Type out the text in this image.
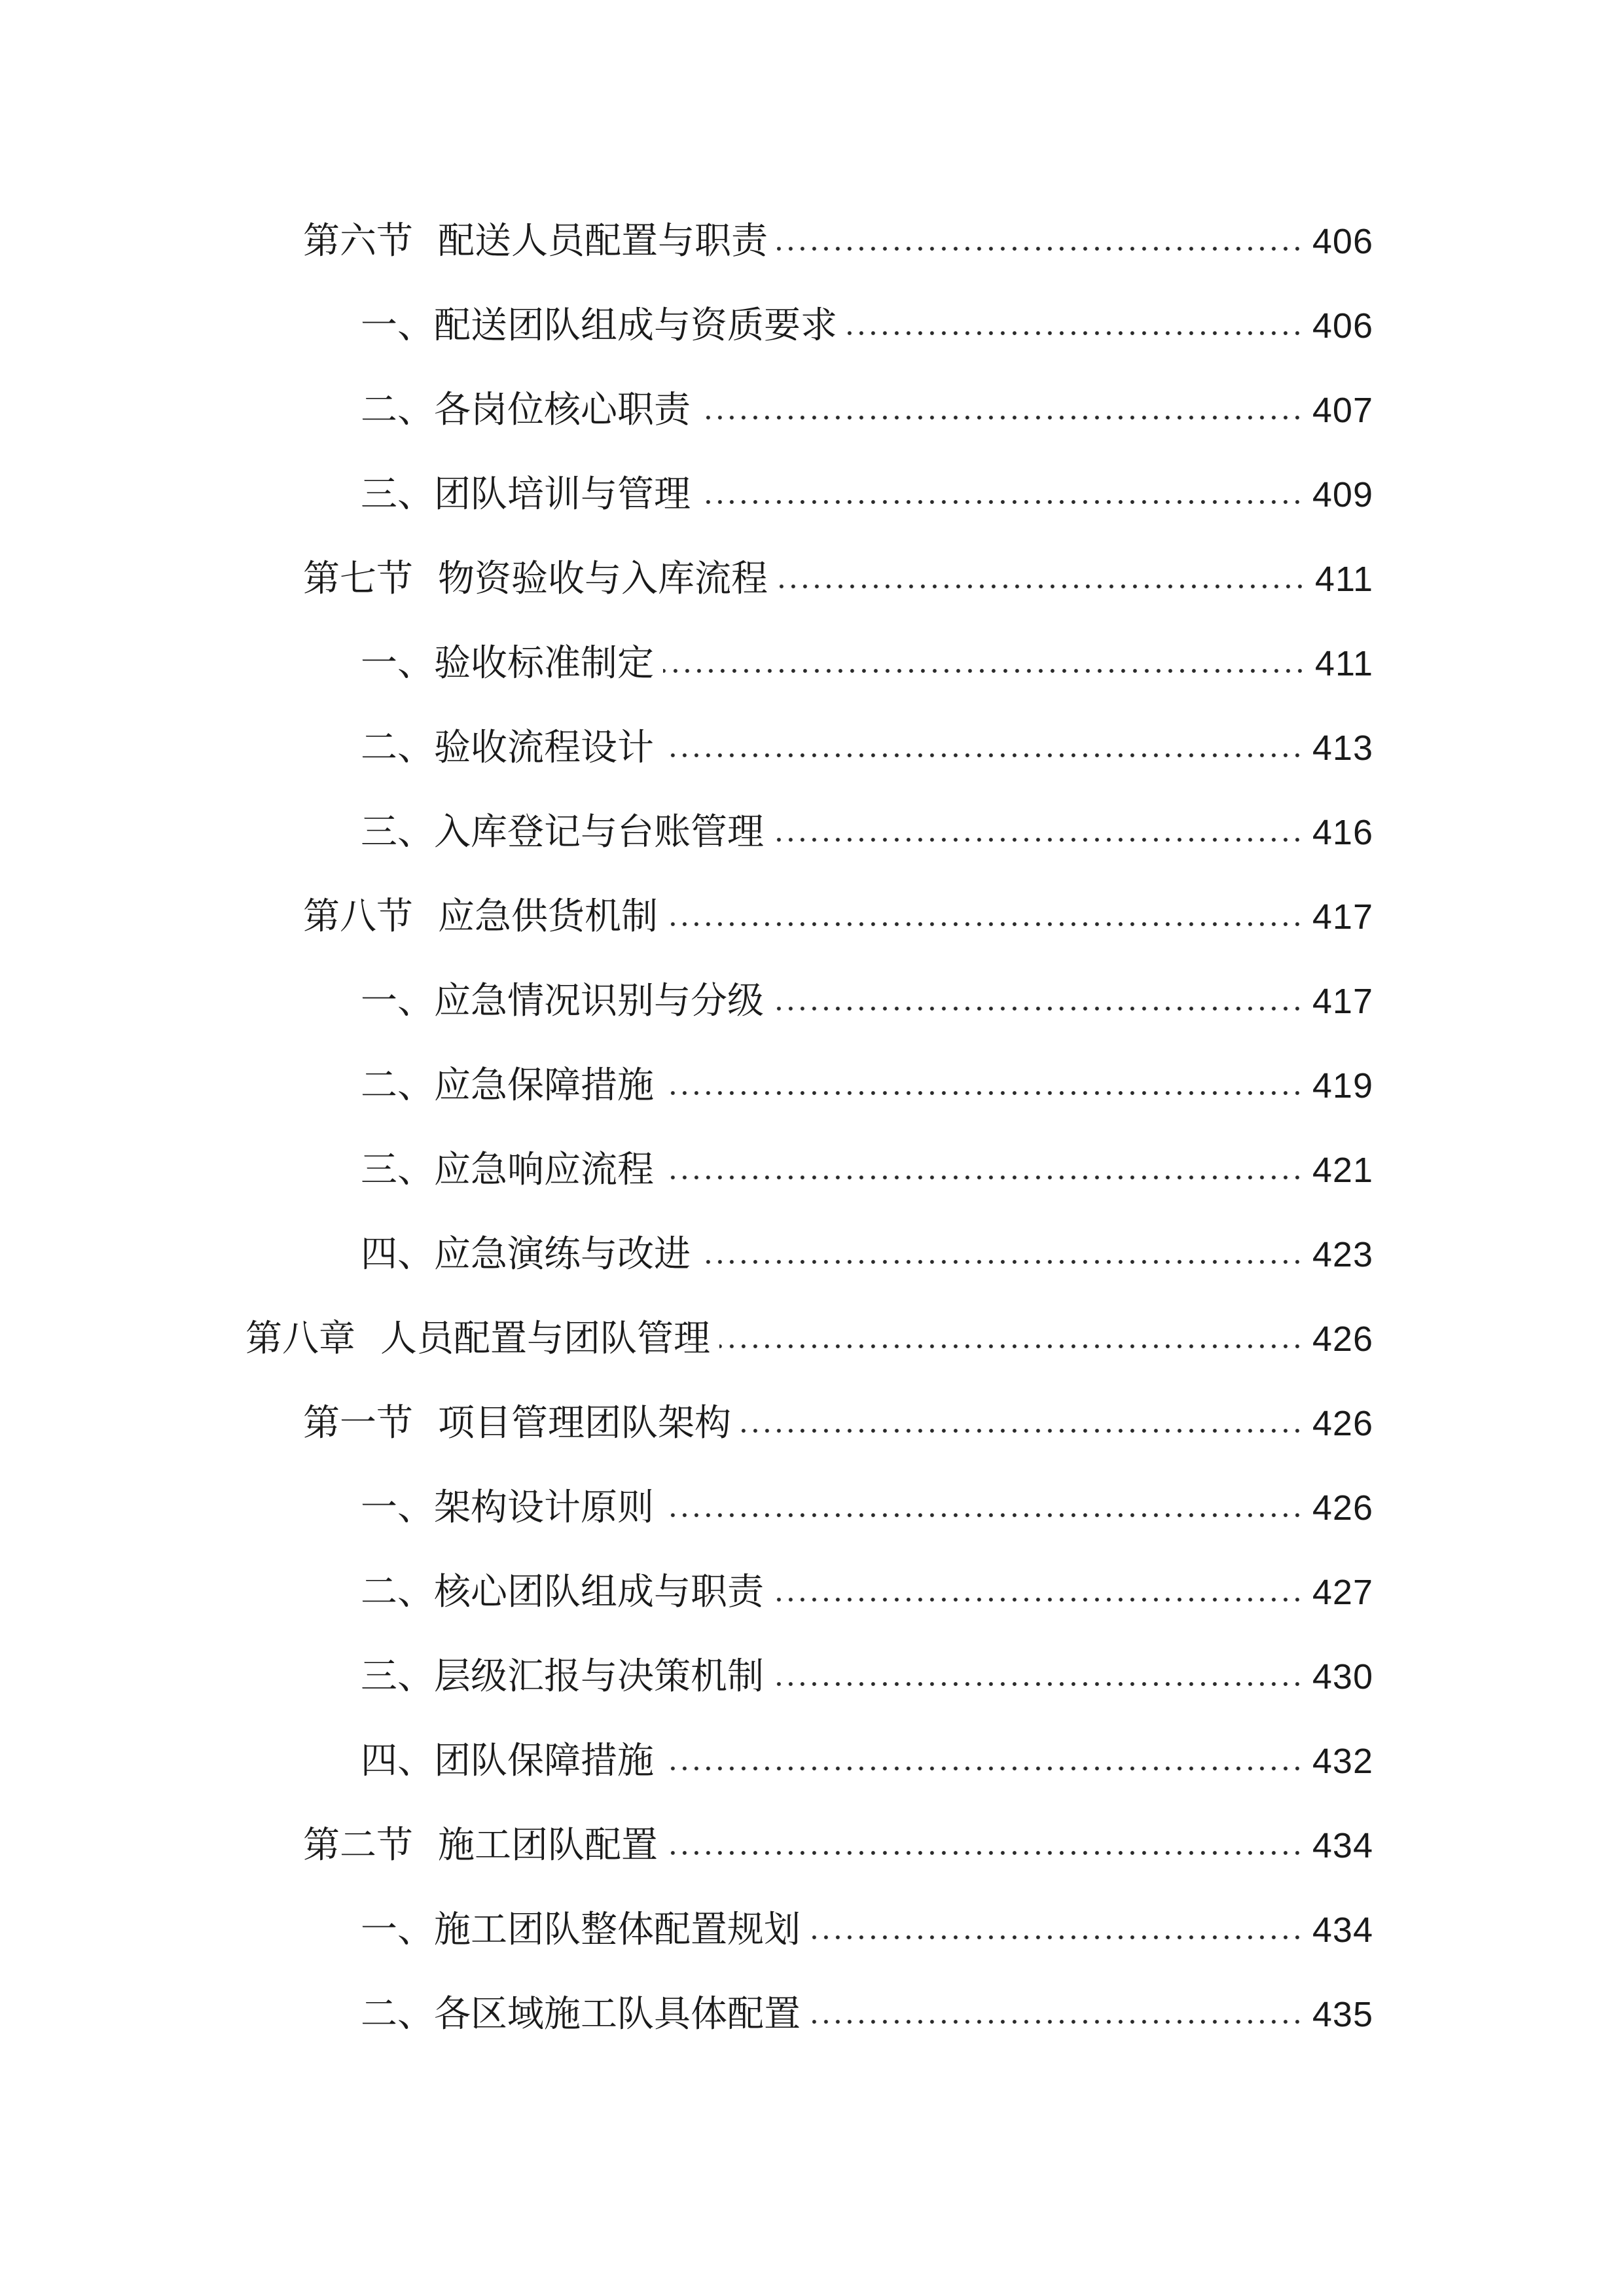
第六节 配送人员配置与职责	406
一、配送团队组成与资质要求	406
二、各岗位核心职责	407
三、团队培训与管理	409
第七节 物资验收与入库流程	411
一、验收标准制定	411
二、验收流程设计	413
三、入库登记与台账管理	416
第八节 应急供货机制	417
一、应急情况识别与分级	417
二、应急保障措施	419
三、应急响应流程	421
四、应急演练与改进	423
第八章 人员配置与团队管理	426
第一节 项目管理团队架构	426
一、架构设计原则	426
二、核心团队组成与职责	427
三、层级汇报与决策机制	430
四、团队保障措施	432
第二节 施工团队配置	434
一、施工团队整体配置规划	434
二、各区域施工队具体配置	435
